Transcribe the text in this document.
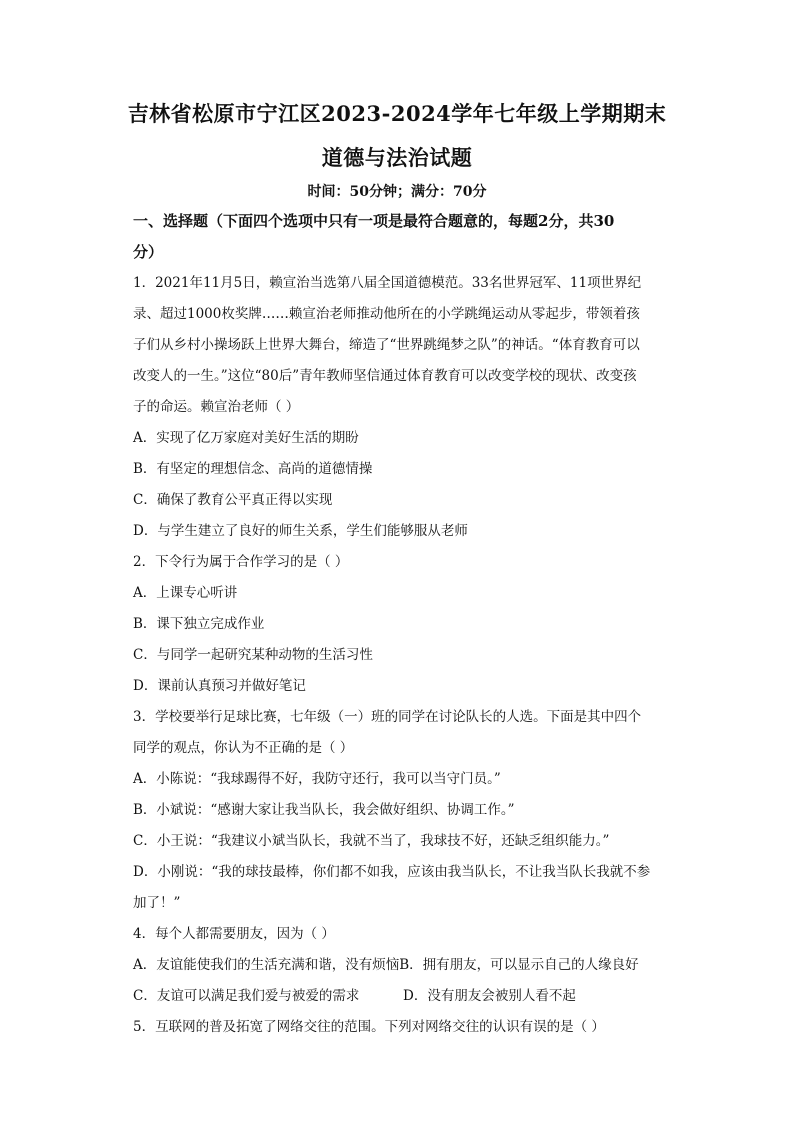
吉林省松原市宁江区2023-2024学年七年级上学期期末
道德与法治试题
时间：50分钟；满分：70分
一、选择题（下面四个选项中只有一项是最符合题意的，每题2分，共30
分）
1．2021年11月5日，赖宣治当选第八届全国道德模范。33名世界冠军、11项世界纪
录、超过1000枚奖牌……赖宣治老师推动他所在的小学跳绳运动从零起步，带领着孩
子们从乡村小操场跃上世界大舞台，缔造了“世界跳绳梦之队”的神话。“体育教育可以
改变人的一生。”这位“80后”青年教师坚信通过体育教育可以改变学校的现状、改变孩
子的命运。赖宣治老师（ ）
A．实现了亿万家庭对美好生活的期盼
B．有坚定的理想信念、高尚的道德情操
C．确保了教育公平真正得以实现
D．与学生建立了良好的师生关系，学生们能够服从老师
2．下令行为属于合作学习的是（ ）
A．上课专心听讲
B．课下独立完成作业
C．与同学一起研究某种动物的生活习性
D．课前认真预习并做好笔记
3．学校要举行足球比赛，七年级（一）班的同学在讨论队长的人选。下面是其中四个
同学的观点，你认为不正确的是（ ）
A．小陈说：“我球踢得不好，我防守还行，我可以当守门员。”
B．小斌说：“感谢大家让我当队长，我会做好组织、协调工作。”
C．小王说：“我建议小斌当队长，我就不当了，我球技不好，还缺乏组织能力。”
D．小刚说：“我的球技最棒，你们都不如我，应该由我当队长，不让我当队长我就不参
加了！”
4．每个人都需要朋友，因为（ ）
A．友谊能使我们的生活充满和谐，没有烦恼B．拥有朋友，可以显示自己的人缘良好
C．友谊可以满足我们爱与被爱的需求	D．没有朋友会被别人看不起
5．互联网的普及拓宽了网络交往的范围。下列对网络交往的认识有误的是（ ）
